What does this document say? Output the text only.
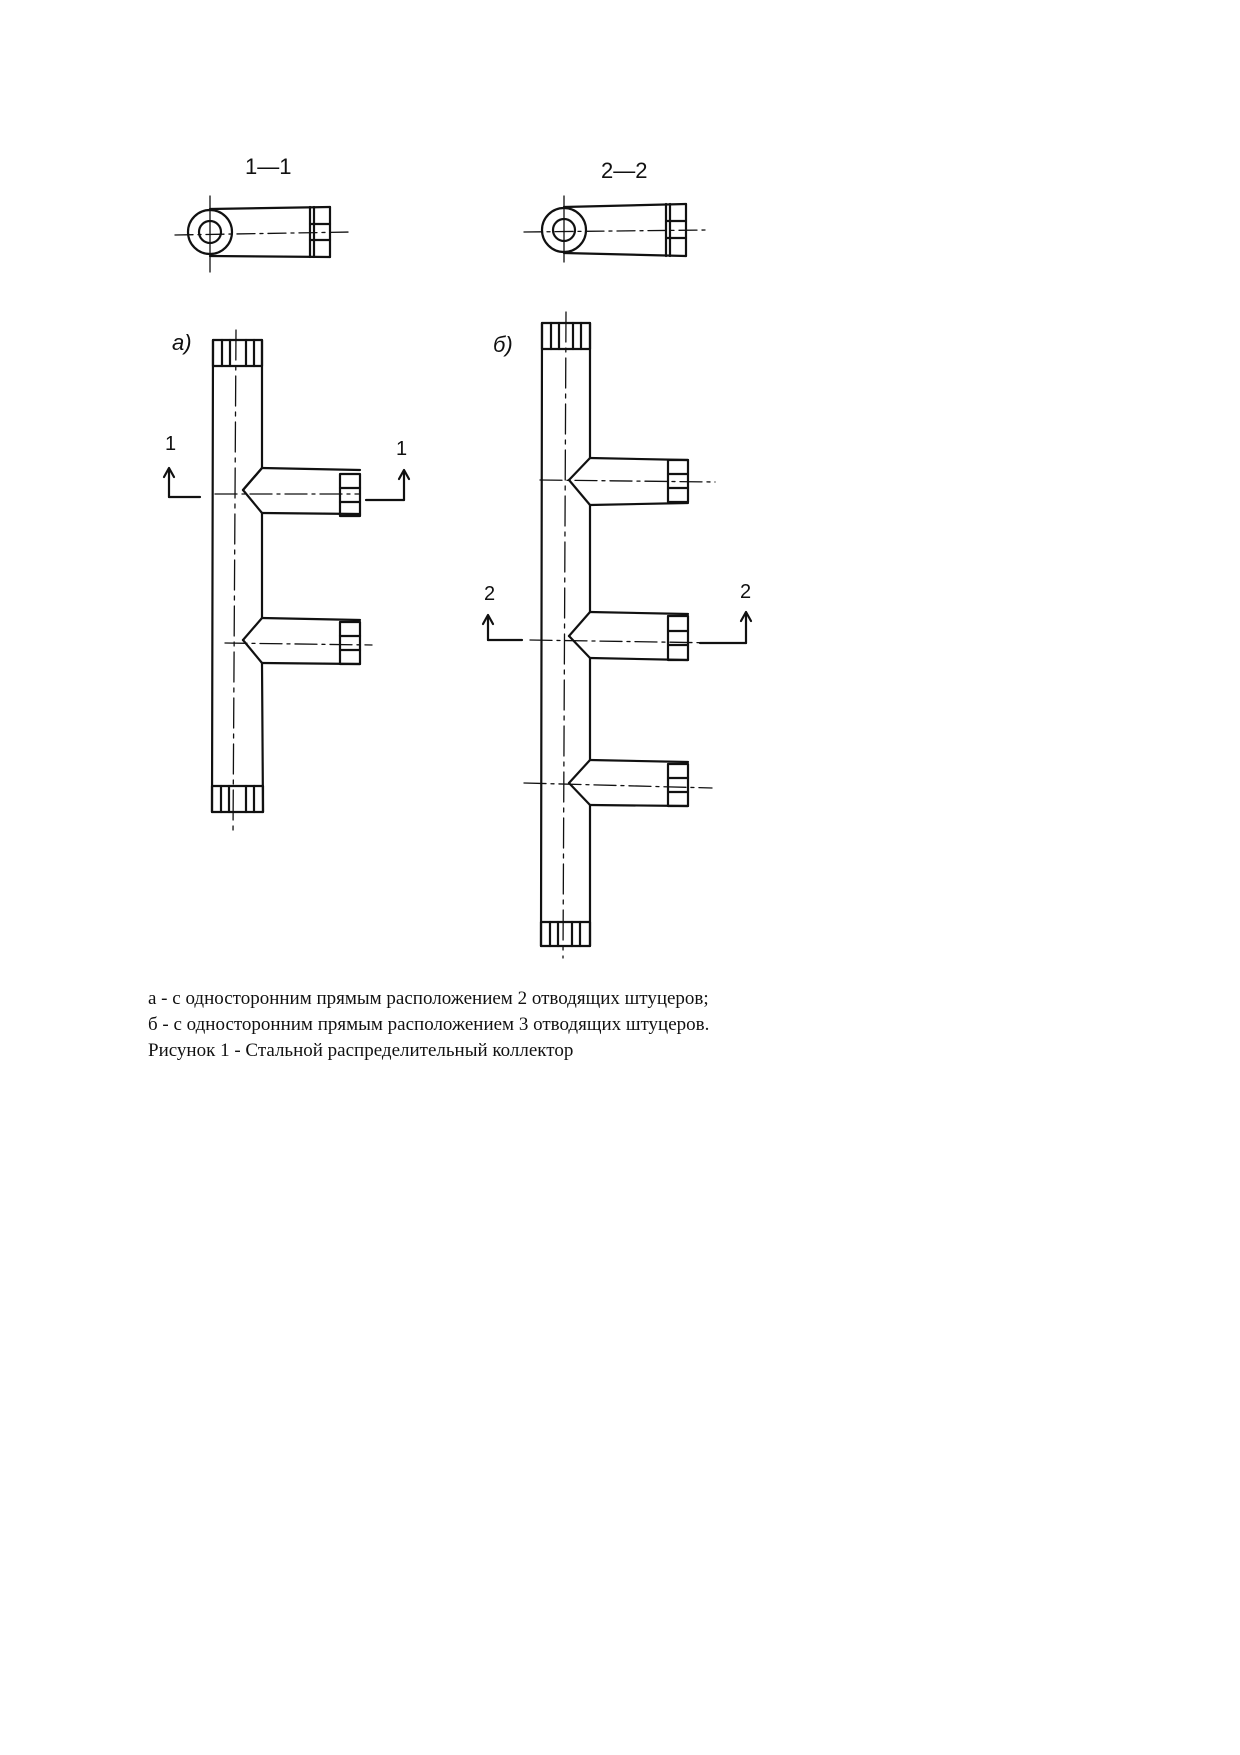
1—1	2—2
а)	б)
1	1
2	2
а - с односторонним прямым расположением 2 отводящих штуцеров;
б - с односторонним прямым расположением 3 отводящих штуцеров.
Рисунок 1 - Стальной распределительный коллектор
